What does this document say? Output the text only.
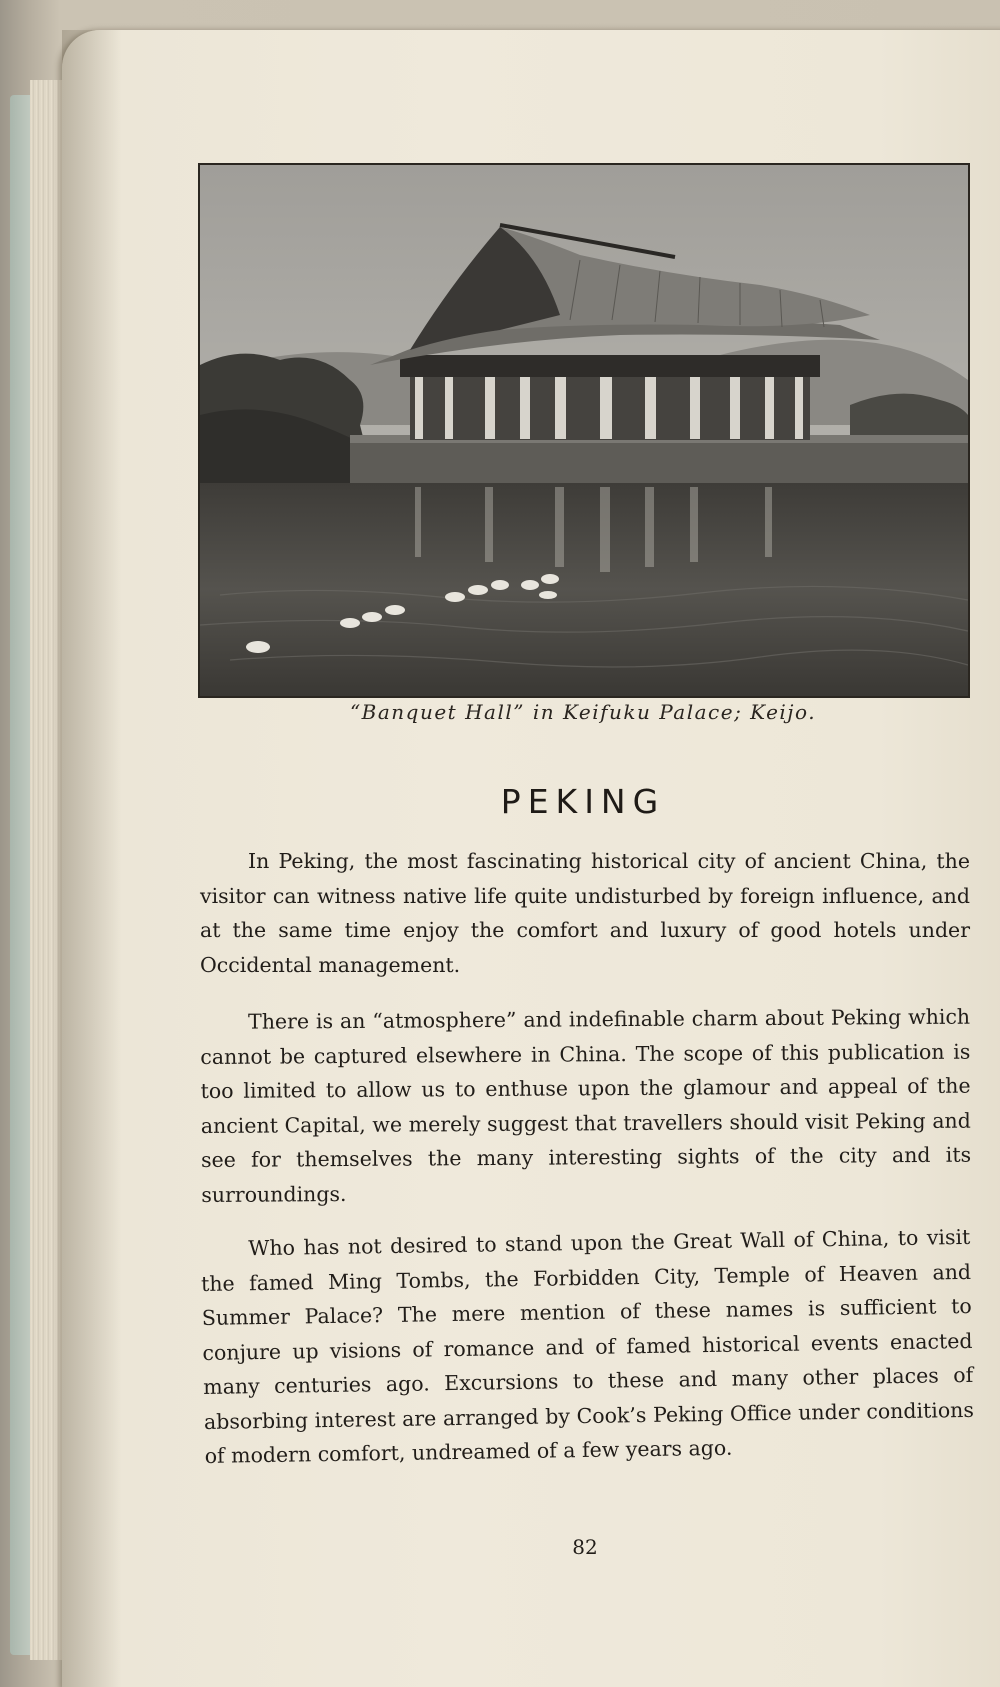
“Banquet Hall” in Keifuku Palace; Keijo.
PEKING

In Peking, the most fascinating historical city of ancient China, the visitor can witness native life quite undisturbed by foreign influence, and at the same time enjoy the comfort and luxury of good hotels under Occidental management.

There is an “atmosphere” and indefinable charm about Peking which cannot be captured elsewhere in China. The scope of this publication is too limited to allow us to enthuse upon the glamour and appeal of the ancient Capital, we merely suggest that travellers should visit Peking and see for themselves the many interesting sights of the city and its surroundings.

Who has not desired to stand upon the Great Wall of China, to visit the famed Ming Tombs, the Forbidden City, Temple of Heaven and Summer Palace? The mere mention of these names is sufficient to conjure up visions of romance and of famed historical events enacted many centuries ago. Excursions to these and many other places of absorbing interest are arranged by Cook’s Peking Office under conditions of modern comfort, undreamed of a few years ago.

82
